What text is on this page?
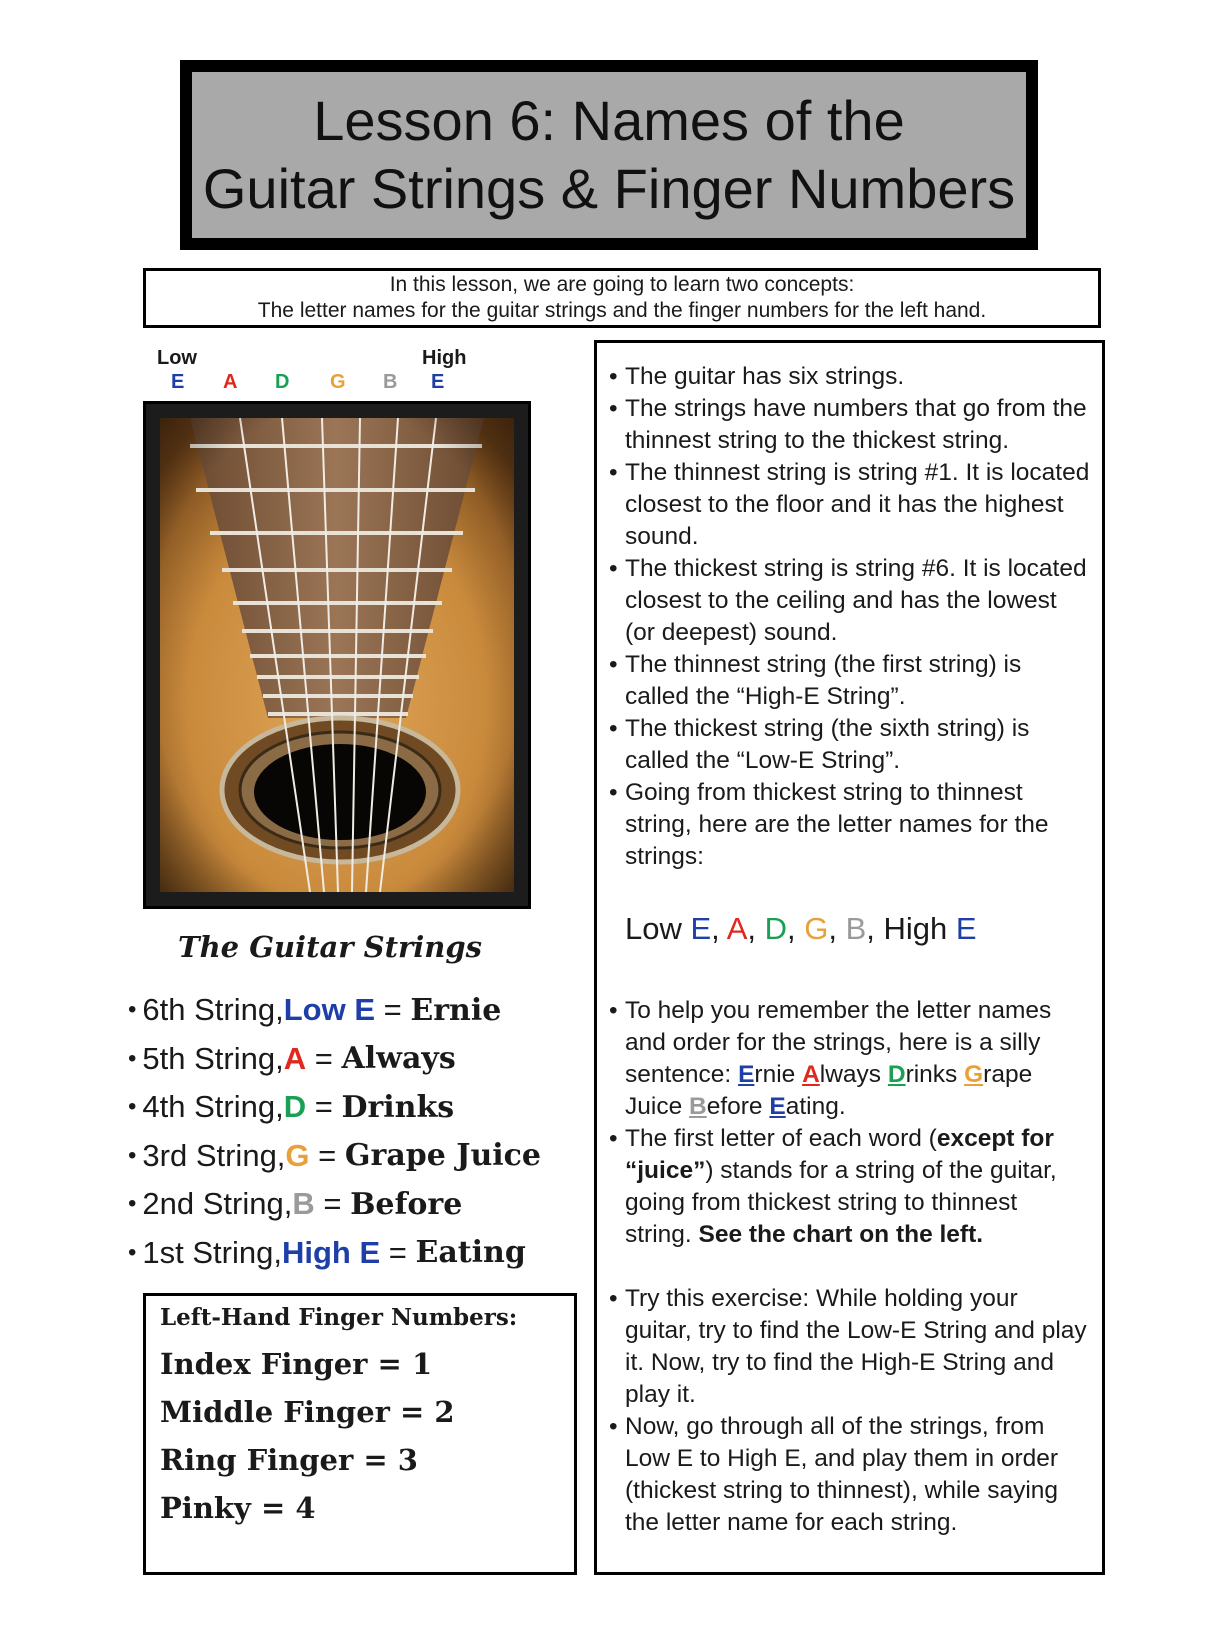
Lesson 6: Names of the
Guitar Strings & Finger Numbers
In this lesson, we are going to learn two concepts:
The letter names for the guitar strings and the finger numbers for the left hand.
Low	High
E A D G B E
The Guitar Strings
• 6th String, Low E = Ernie
• 5th String, A = Always
• 4th String, D = Drinks
• 3rd String, G = Grape Juice
• 2nd String, B = Before
• 1st String, High E = Eating
Left-Hand Finger Numbers:
Index Finger = 1
Middle Finger = 2
Ring Finger = 3
Pinky = 4
• The guitar has six strings.
• The strings have numbers that go from the thinnest string to the thickest string.
• The thinnest string is string #1. It is located closest to the floor and it has the highest sound.
• The thickest string is string #6. It is located closest to the ceiling and has the lowest (or deepest) sound.
• The thinnest string (the first string) is called the “High-E String”.
• The thickest string (the sixth string) is called the “Low-E String”.
• Going from thickest string to thinnest string, here are the letter names for the strings:
Low E, A, D, G, B, High E
• To help you remember the letter names and order for the strings, here is a silly sentence: Ernie Always Drinks Grape Juice Before Eating.
• The first letter of each word (except for “juice”) stands for a string of the guitar, going from thickest string to thinnest string. See the chart on the left.
• Try this exercise: While holding your guitar, try to find the Low-E String and play it. Now, try to find the High-E String and play it.
• Now, go through all of the strings, from Low E to High E, and play them in order (thickest string to thinnest), while saying the letter name for each string.
